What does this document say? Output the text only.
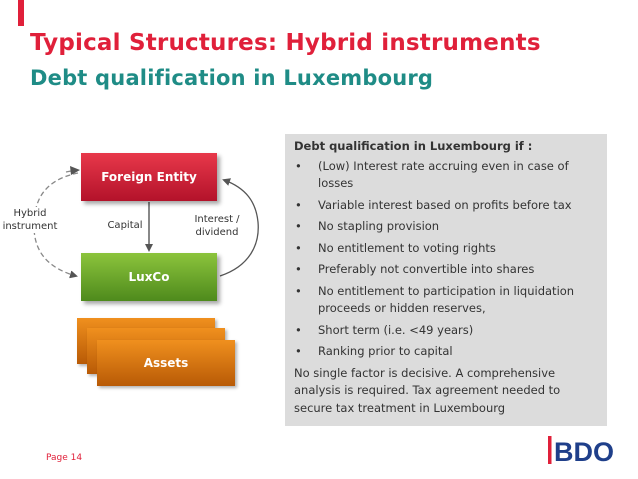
Typical Structures: Hybrid instruments
Debt qualification in Luxembourg
Foreign Entity
LuxCo
Assets
Hybrid
instrument	Capital
Interest /
dividend
Debt qualification in Luxembourg if :
• (Low) Interest rate accruing even in case of losses
• Variable interest based on profits before tax
• No stapling provision
• No entitlement to voting rights
• Preferably not convertible into shares
• No entitlement to participation in liquidation proceeds or hidden reserves,
• Short term (i.e. <49 years)
• Ranking prior to capital
No single factor is decisive. A comprehensive analysis is required. Tax agreement needed to secure tax treatment in Luxembourg
Page 14	BDO
